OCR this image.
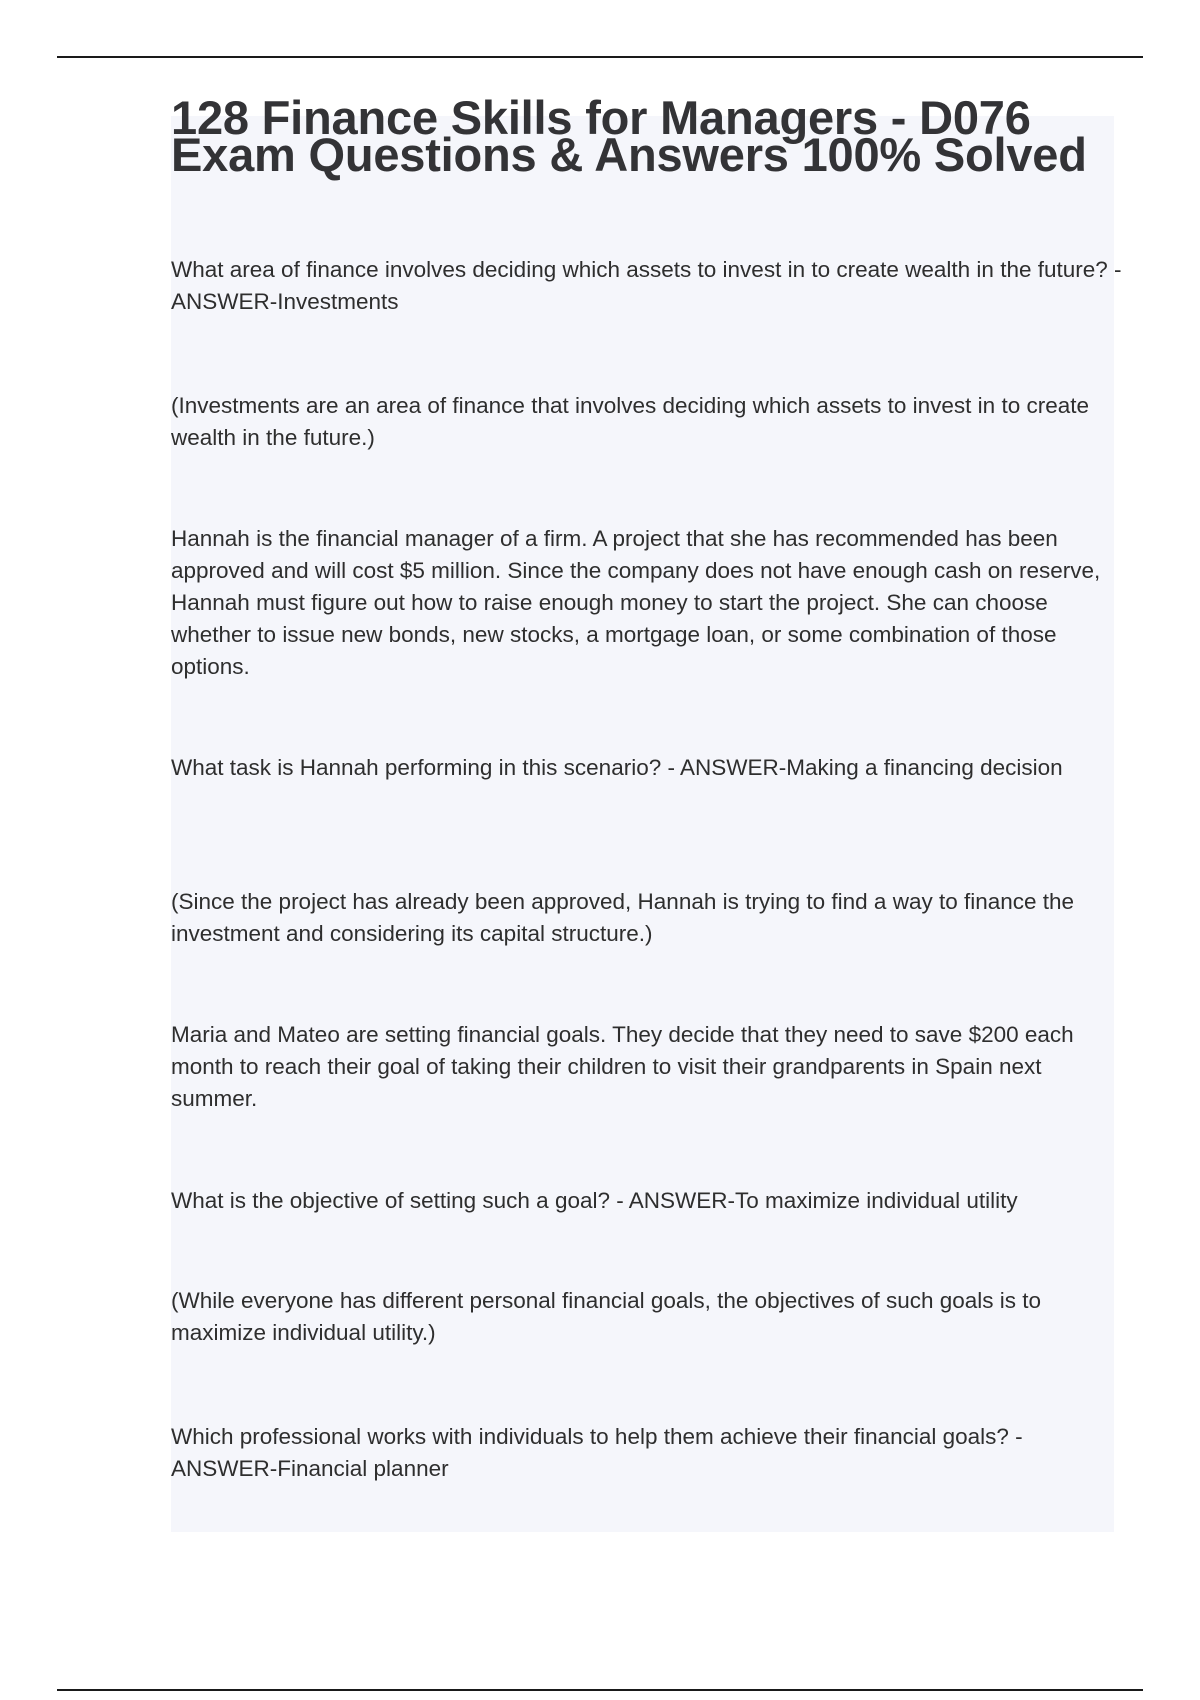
128 Finance Skills for Managers - D076 Exam Questions & Answers 100% Solved

What area of finance involves deciding which assets to invest in to create wealth in the future? - ANSWER-Investments

(Investments are an area of finance that involves deciding which assets to invest in to create wealth in the future.)

Hannah is the financial manager of a firm. A project that she has recommended has been approved and will cost $5 million. Since the company does not have enough cash on reserve, Hannah must figure out how to raise enough money to start the project. She can choose whether to issue new bonds, new stocks, a mortgage loan, or some combination of those options.

What task is Hannah performing in this scenario? - ANSWER-Making a financing decision

(Since the project has already been approved, Hannah is trying to find a way to finance the investment and considering its capital structure.)

Maria and Mateo are setting financial goals. They decide that they need to save $200 each month to reach their goal of taking their children to visit their grandparents in Spain next summer.

What is the objective of setting such a goal? - ANSWER-To maximize individual utility

(While everyone has different personal financial goals, the objectives of such goals is to maximize individual utility.)

Which professional works with individuals to help them achieve their financial goals? - ANSWER-Financial planner
